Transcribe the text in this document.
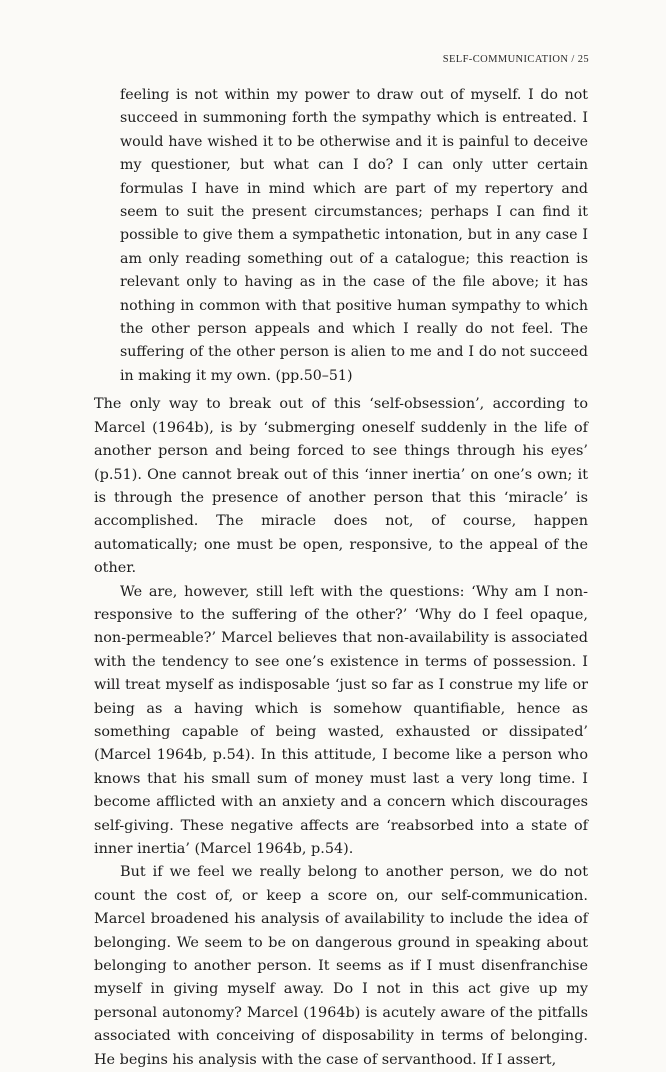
SELF-COMMUNICATION / 25

feeling is not within my power to draw out of myself. I do not succeed in summoning forth the sympathy which is entreated. I would have wished it to be otherwise and it is painful to deceive my questioner, but what can I do? I can only utter certain formulas I have in mind which are part of my repertory and seem to suit the present circumstances; perhaps I can find it possible to give them a sympathetic intonation, but in any case I am only reading something out of a catalogue; this reaction is relevant only to having as in the case of the file above; it has nothing in common with that positive human sympathy to which the other person appeals and which I really do not feel. The suffering of the other person is alien to me and I do not succeed in making it my own. (pp.50–51)

The only way to break out of this ‘self-obsession’, according to Marcel (1964b), is by ‘submerging oneself suddenly in the life of another person and being forced to see things through his eyes’ (p.51). One cannot break out of this ‘inner inertia’ on one’s own; it is through the presence of another person that this ‘miracle’ is accomplished. The miracle does not, of course, happen automatically; one must be open, responsive, to the appeal of the other.

We are, however, still left with the questions: ‘Why am I non-responsive to the suffering of the other?’ ‘Why do I feel opaque, non-permeable?’ Marcel believes that non-availability is associated with the tendency to see one’s existence in terms of possession. I will treat myself as indisposable ‘just so far as I construe my life or being as a having which is somehow quantifiable, hence as something capable of being wasted, exhausted or dissipated’ (Marcel 1964b, p.54). In this attitude, I become like a person who knows that his small sum of money must last a very long time. I become afflicted with an anxiety and a concern which discourages self-giving. These negative affects are ‘reabsorbed into a state of inner inertia’ (Marcel 1964b, p.54).

But if we feel we really belong to another person, we do not count the cost of, or keep a score on, our self-communication. Marcel broadened his analysis of availability to include the idea of belonging. We seem to be on dangerous ground in speaking about belonging to another person. It seems as if I must disenfranchise myself in giving myself away. Do I not in this act give up my personal autonomy? Marcel (1964b) is acutely aware of the pitfalls associated with conceiving of disposability in terms of belonging. He begins his analysis with the case of servanthood. If I assert,
